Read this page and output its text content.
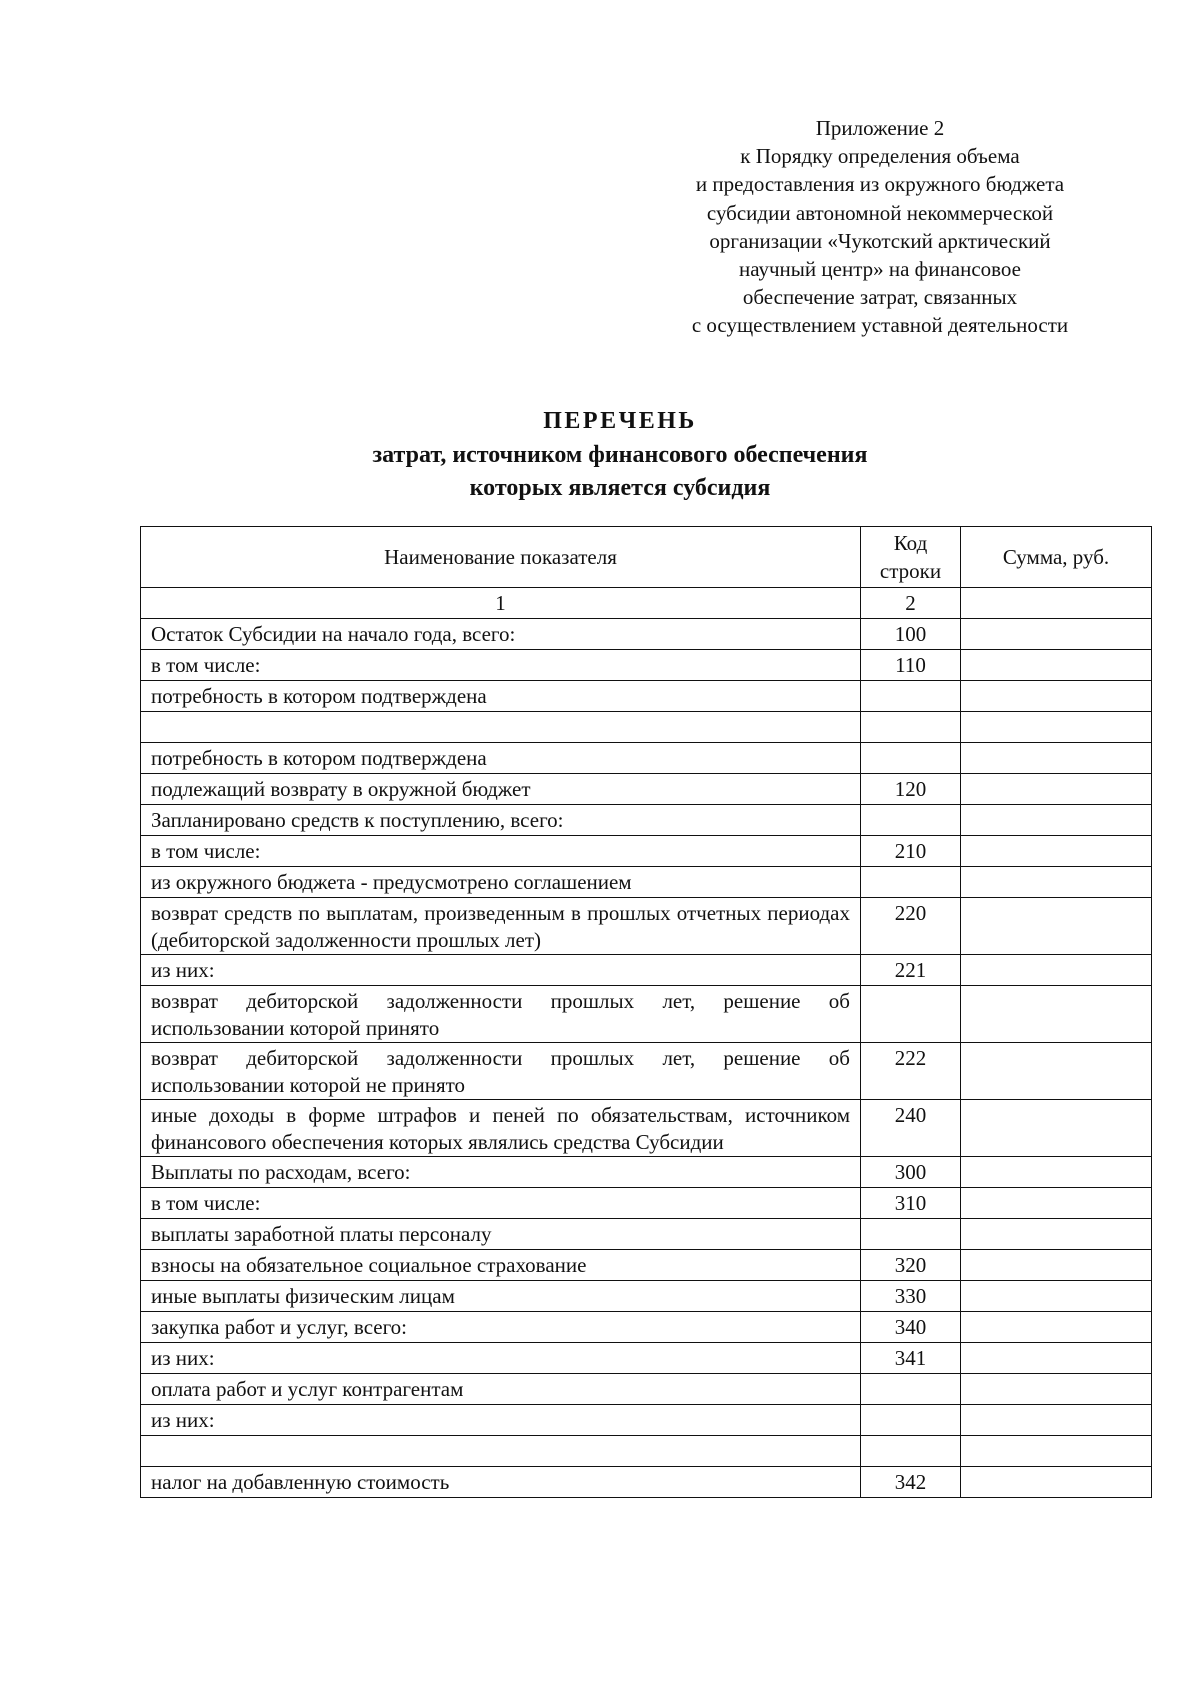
Приложение 2
к Порядку определения объема
и предоставления из окружного бюджета
субсидии автономной некоммерческой
организации «Чукотский арктический
научный центр» на финансовое
обеспечение затрат, связанных
с осуществлением уставной деятельности
ПЕРЕЧЕНЬ
затрат, источником финансового обеспечения
которых является субсидия
Наименование показателя	Код строки	Сумма, руб.
1	2	
Остаток Субсидии на начало года, всего:	100	
в том числе:	110	
потребность в котором подтверждена		

потребность в котором подтверждена		
подлежащий возврату в окружной бюджет	120	
Запланировано средств к поступлению, всего:		
в том числе:	210	
из окружного бюджета - предусмотрено соглашением		
возврат средств по выплатам, произведенным в прошлых отчетных периодах (дебиторской задолженности прошлых лет)	220	
из них:	221	
возврат дебиторской задолженности прошлых лет, решение об использовании которой принято		
возврат дебиторской задолженности прошлых лет, решение об использовании которой не принято	222	
иные доходы в форме штрафов и пеней по обязательствам, источником финансового обеспечения которых являлись средства Субсидии	240	
Выплаты по расходам, всего:	300	
в том числе:	310	
выплаты заработной платы персоналу		
взносы на обязательное социальное страхование	320	
иные выплаты физическим лицам	330	
закупка работ и услуг, всего:	340	
из них:	341	
оплата работ и услуг контрагентам		
из них:		

налог на добавленную стоимость	342	
